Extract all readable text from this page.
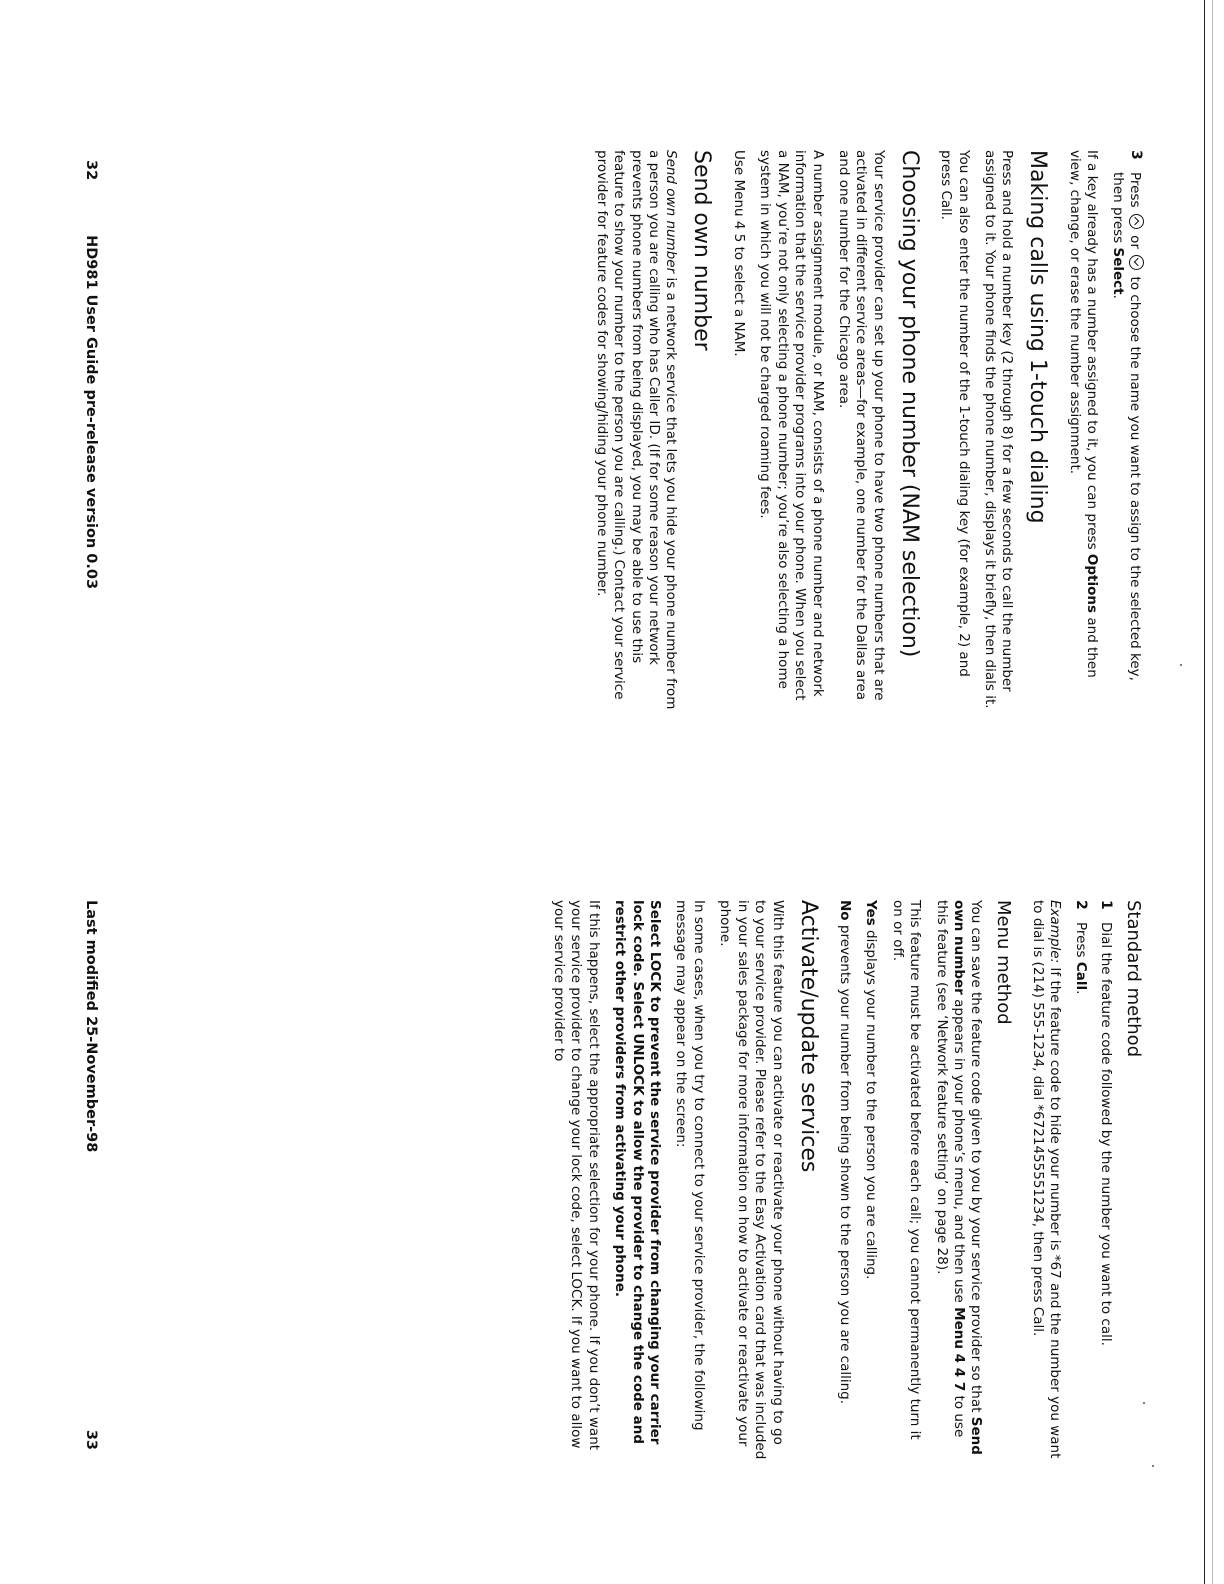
3
Press  or  to choose the name you want to assign to the selected key, then press Select.

If a key already has a number assigned to it, you can press Options and then view, change, or erase the number assignment.

Making calls using 1-touch dialing

Press and hold a number key (2 through 8) for a few seconds to call the number assigned to it. Your phone finds the phone number, displays it briefly, then dials it.

You can also enter the number of the 1-touch dialing key (for example, 2) and press Call.

Choosing your phone number (NAM selection)

Your service provider can set up your phone to have two phone numbers that are activated in different service areas—for example, one number for the Dallas area and one number for the Chicago area.

A number assignment module, or NAM, consists of a phone number and network information that the service provider programs into your phone. When you select a NAM, you’re not only selecting a phone number; you’re also selecting a home system in which you will not be charged roaming fees.

Use Menu 4 5 to select a NAM.

Send own number

Send own number is a network service that lets you hide your phone number from a person you are calling who has Caller ID. (If for some reason your network prevents phone numbers from being displayed, you may be able to use this feature to show your number to the person you are calling.) Contact your service provider for feature codes for showing/hiding your phone number.

32 HD981 User Guide pre-release version 0.03
Standard method
1
Dial the feature code followed by the number you want to call.
2
Press Call.

Example: If the feature code to hide your number is *67 and the number you want to dial is (214) 555-1234, dial *6721455551234, then press Call.

Menu method

You can save the feature code given to you by your service provider so that Send own number appears in your phone’s menu, and then use Menu 4 4 7 to use this feature (see ‘Network feature setting’ on page 28).

This feature must be activated before each call; you cannot permanently turn it on or off.

Yes displays your number to the person you are calling.

No prevents your number from being shown to the person you are calling.

Activate/update services

With this feature you can activate or reactivate your phone without having to go to your service provider. Please refer to the Easy Activation card that was included in your sales package for more information on how to activate or reactivate your phone.

In some cases, when you try to connect to your service provider, the following message may appear on the screen:

Select LOCK to prevent the service provider from changing your carrier lock code. Select UNLOCK to allow the provider to change the code and restrict other providers from activating your phone.

If this happens, select the appropriate selection for your phone. If you don’t want your service provider to change your lock code, select LOCK. If you want to allow your service provider to

Last modified 25-November-98
33
